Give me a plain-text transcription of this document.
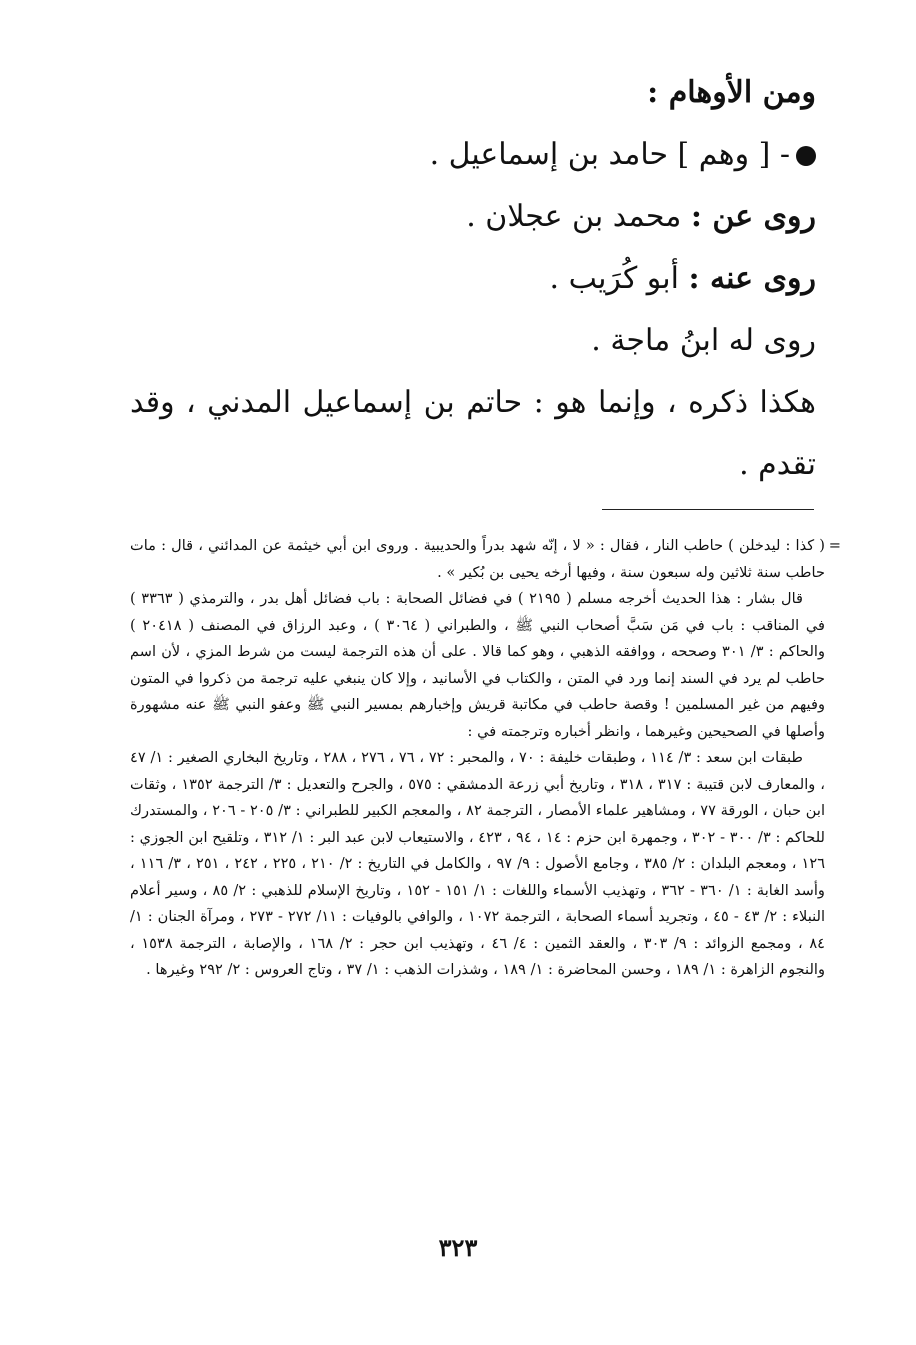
ومن الأوهام :
- [ وهم ] حامد بن إسماعيل .
روى عن : محمد بن عجلان .
روى عنه : أبو كُرَيب .
روى له ابنُ ماجة .
هكذا ذكره ، وإنما هو : حاتم بن إسماعيل المدني ، وقد
تقدم .
=

( كذا : ليدخلن ) حاطب النار ، فقال : « لا ، إنّه شهد بدراً والحديبية . وروى ابن أبي خيثمة عن المدائني ، قال : مات حاطب سنة ثلاثين وله سبعون سنة ، وفيها أرخه يحيى بن بُكير » .

قال بشار : هذا الحديث أخرجه مسلم ( ٢١٩٥ ) في فضائل الصحابة : باب فضائل أهل بدر ، والترمذي ( ٣٣٦٣ ) في المناقب : باب في مَن سَبَّ أصحاب النبي ﷺ ، والطبراني ( ٣٠٦٤ ) ، وعبد الرزاق في المصنف ( ٢٠٤١٨ ) والحاكم : ٣/ ٣٠١ وصححه ، ووافقه الذهبي ، وهو كما قالا . على أن هذه الترجمة ليست من شرط المزي ، لأن اسم حاطب لم يرد في السند إنما ورد في المتن ، والكتاب في الأسانيد ، وإلا كان ينبغي عليه ترجمة من ذكروا في المتون وفيهم من غير المسلمين ! وقصة حاطب في مكاتبة قريش وإخبارهم بمسير النبي ﷺ وعفو النبي ﷺ عنه مشهورة وأصلها في الصحيحين وغيرهما ، وانظر أخباره وترجمته في :

طبقات ابن سعد : ٣/ ١١٤ ، وطبقات خليفة : ٧٠ ، والمحبر : ٧٢ ، ٧٦ ، ٢٧٦ ، ٢٨٨ ، وتاريخ البخاري الصغير : ١/ ٤٧ ، والمعارف لابن قتيبة : ٣١٧ ، ٣١٨ ، وتاريخ أبي زرعة الدمشقي : ٥٧٥ ، والجرح والتعديل : ٣/ الترجمة ١٣٥٢ ، وثقات ابن حبان ، الورقة ٧٧ ، ومشاهير علماء الأمصار ، الترجمة ٨٢ ، والمعجم الكبير للطبراني : ٣/ ٢٠٥ - ٢٠٦ ، والمستدرك للحاكم : ٣/ ٣٠٠ - ٣٠٢ ، وجمهرة ابن حزم : ١٤ ، ٩٤ ، ٤٢٣ ، والاستيعاب لابن عبد البر : ١/ ٣١٢ ، وتلقيح ابن الجوزي : ١٢٦ ، ومعجم البلدان : ٢/ ٣٨٥ ، وجامع الأصول : ٩/ ٩٧ ، والكامل في التاريخ : ٢/ ٢١٠ ، ٢٢٥ ، ٢٤٢ ، ٢٥١ ، ٣/ ١١٦ ، وأسد الغابة : ١/ ٣٦٠ - ٣٦٢ ، وتهذيب الأسماء واللغات : ١/ ١٥١ - ١٥٢ ، وتاريخ الإسلام للذهبي : ٢/ ٨٥ ، وسير أعلام النبلاء : ٢/ ٤٣ - ٤٥ ، وتجريد أسماء الصحابة ، الترجمة ١٠٧٢ ، والوافي بالوفيات : ١١/ ٢٧٢ - ٢٧٣ ، ومرآة الجنان : ١/ ٨٤ ، ومجمع الزوائد : ٩/ ٣٠٣ ، والعقد الثمين : ٤/ ٤٦ ، وتهذيب ابن حجر : ٢/ ١٦٨ ، والإصابة ، الترجمة ١٥٣٨ ، والنجوم الزاهرة : ١/ ١٨٩ ، وحسن المحاضرة : ١/ ١٨٩ ، وشذرات الذهب : ١/ ٣٧ ، وتاج العروس : ٢/ ٢٩٢ وغيرها .

٣٢٣
